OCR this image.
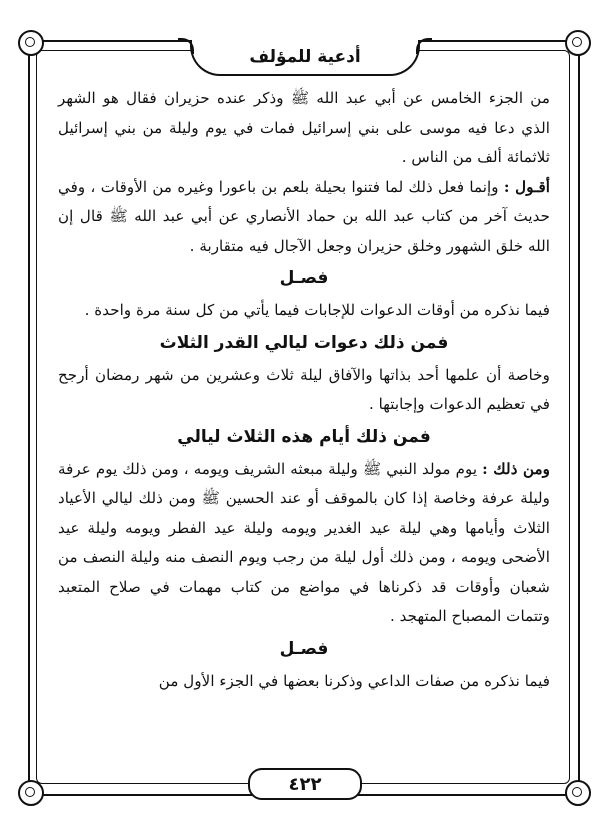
أدعية للمؤلف

من الجزء الخامس عن أبي عبد الله ﷺ وذكر عنده حزيران فقال هو الشهر الذي دعا فيه موسى على بني إسرائيل فمات في يوم وليلة من بني إسرائيل ثلاثمائة ألف من الناس .

أقـول : وإنما فعل ذلك لما فتنوا بحيلة بلعم بن باعورا وغيره من الأوقات ، وفي حديث آخر من كتاب عبد الله بن حماد الأنصاري عن أبي عبد الله ﷺ قال إن الله خلق الشهور وخلق حزيران وجعل الآجال فيه متقاربة .

فصـل

فيما نذكره من أوقات الدعوات للإجابات فيما يأتي من كل سنة مرة واحدة .

فمن ذلك دعوات ليالي القدر الثلاث

وخاصة أن علمها أحد بذاتها والآفاق ليلة ثلاث وعشرين من شهر رمضان أرجح في تعظيم الدعوات وإجابتها .

فمن ذلك أيام هذه الثلاث ليالي

ومن ذلك : يوم مولد النبي ﷺ وليلة مبعثه الشريف ويومه ، ومن ذلك يوم عرفة وليلة عرفة وخاصة إذا كان بالموقف أو عند الحسين ﷺ ومن ذلك ليالي الأعياد الثلاث وأيامها وهي ليلة عيد الغدير ويومه وليلة عيد الفطر ويومه وليلة عيد الأضحى ويومه ، ومن ذلك أول ليلة من رجب ويوم النصف منه وليلة النصف من شعبان وأوقات قد ذكرناها في مواضع من كتاب مهمات في صلاح المتعبد وتتمات المصباح المتهجد .

فصـل

فيما نذكره من صفات الداعي وذكرنا بعضها في الجزء الأول من

٤٢٢
